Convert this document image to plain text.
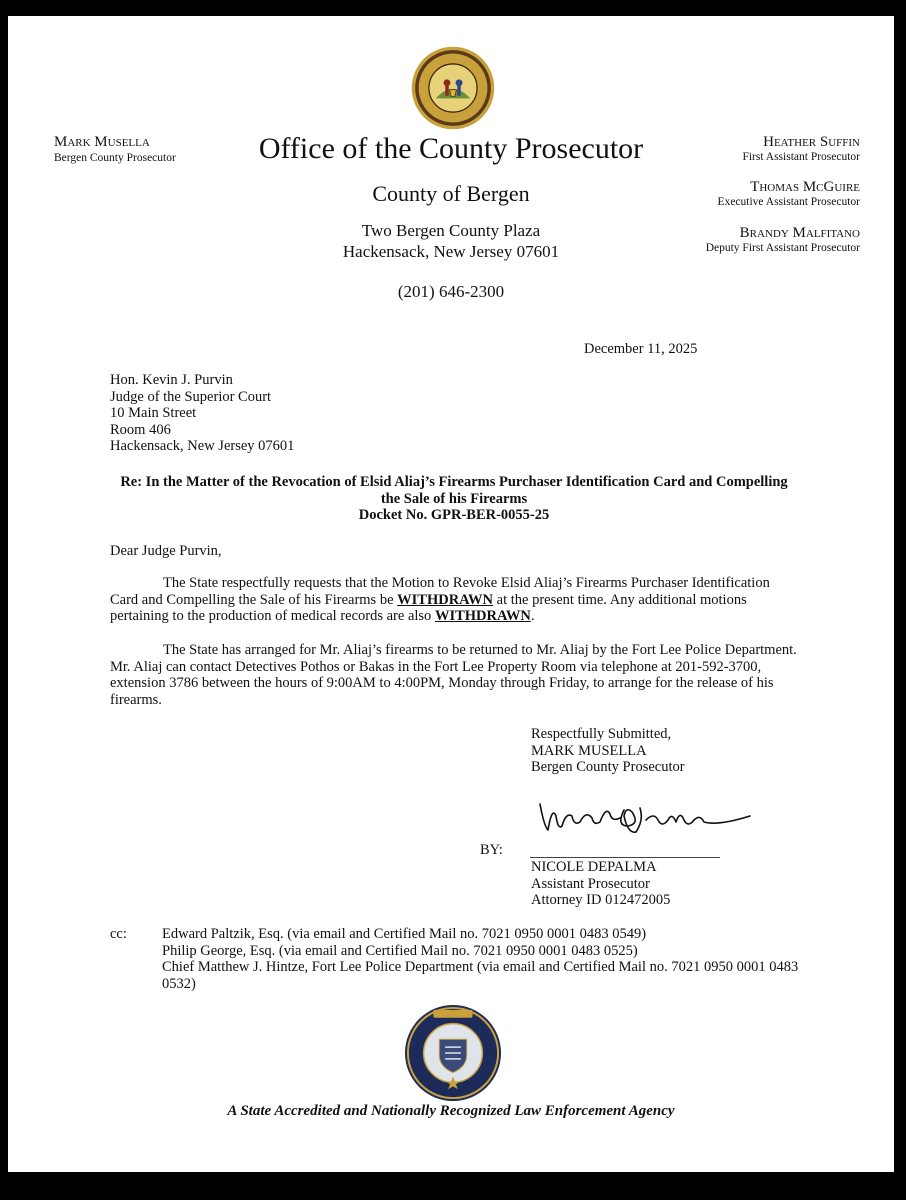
Mark Musella
Bergen County Prosecutor
Heather Suffin
First Assistant Prosecutor
Thomas McGuire
Executive Assistant Prosecutor
Brandy Malfitano
Deputy First Assistant Prosecutor
Office of the County Prosecutor
County of Bergen
Two Bergen County Plaza
Hackensack, New Jersey 07601
(201) 646-2300
December 11, 2025
Hon. Kevin J. Purvin
Judge of the Superior Court
10 Main Street
Room 406
Hackensack, New Jersey 07601
Re: In the Matter of the Revocation of Elsid Aliaj’s Firearms Purchaser Identification Card and Compelling
the Sale of his Firearms
Docket No. GPR-BER-0055-25
Dear Judge Purvin,
The State respectfully requests that the Motion to Revoke Elsid Aliaj’s Firearms Purchaser Identification Card and Compelling the Sale of his Firearms be WITHDRAWN at the present time. Any additional motions pertaining to the production of medical records are also WITHDRAWN.
The State has arranged for Mr. Aliaj’s firearms to be returned to Mr. Aliaj by the Fort Lee Police Department. Mr. Aliaj can contact Detectives Pothos or Bakas in the Fort Lee Property Room via telephone at 201-592-3700, extension 3786 between the hours of 9:00AM to 4:00PM, Monday through Friday, to arrange for the release of his firearms.
Respectfully Submitted,
MARK MUSELLA
Bergen County Prosecutor
BY:
NICOLE DEPALMA
Assistant Prosecutor
Attorney ID 012472005
cc: Edward Paltzik, Esq. (via email and Certified Mail no. 7021 0950 0001 0483 0549)
Philip George, Esq. (via email and Certified Mail no. 7021 0950 0001 0483 0525)
Chief Matthew J. Hintze, Fort Lee Police Department (via email and Certified Mail no. 7021 0950 0001 0483 0532)
A State Accredited and Nationally Recognized Law Enforcement Agency
